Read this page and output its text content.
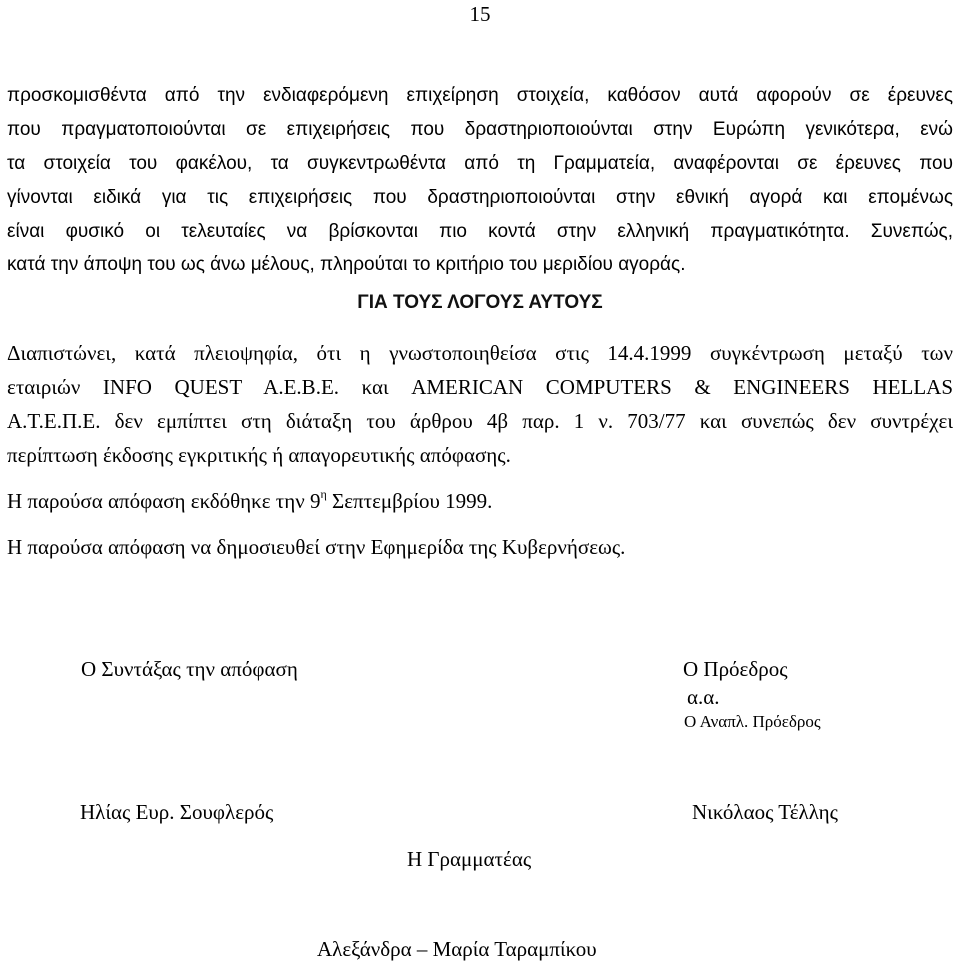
15
προσκομισθέντα από την ενδιαφερόμενη επιχείρηση στοιχεία, καθόσον αυτά αφορούν σε έρευνες
που πραγματοποιούνται σε επιχειρήσεις που δραστηριοποιούνται στην Ευρώπη γενικότερα, ενώ
τα στοιχεία του φακέλου, τα συγκεντρωθέντα από τη Γραμματεία, αναφέρονται σε έρευνες που
γίνονται ειδικά για τις επιχειρήσεις που δραστηριοποιούνται στην εθνική αγορά και επομένως
είναι φυσικό οι τελευταίες να βρίσκονται πιο κοντά στην ελληνική πραγματικότητα. Συνεπώς,
κατά την άποψη του ως άνω μέλους, πληρούται το κριτήριο του μεριδίου αγοράς.
ΓΙΑ ΤΟΥΣ ΛΟΓΟΥΣ ΑΥΤΟΥΣ
Διαπιστώνει, κατά πλειοψηφία, ότι η γνωστοποιηθείσα στις 14.4.1999 συγκέντρωση μεταξύ των
εταιριών INFO QUEST A.E.B.E. και AMERICAN COMPUTERS & ENGINEERS HELLAS
A.T.E.Π.E. δεν εμπίπτει στη διάταξη του άρθρου 4β παρ. 1 ν. 703/77 και συνεπώς δεν συντρέχει
περίπτωση έκδοσης εγκριτικής ή απαγορευτικής απόφασης.
Η παρούσα απόφαση εκδόθηκε την $9^\eta$ Σεπτεμβρίου 1999.
Η παρούσα απόφαση να δημοσιευθεί στην Εφημερίδα της Κυβερνήσεως.
Ο Συντάξας την απόφαση	Ο Πρόεδρος
α.α.
Ο Αναπλ. Πρόεδρος
Ηλίας Ευρ. Σουφλερός	Νικόλαος Τέλλης
Η Γραμματέας
Αλεξάνδρα – Μαρία Ταραμπίκου
